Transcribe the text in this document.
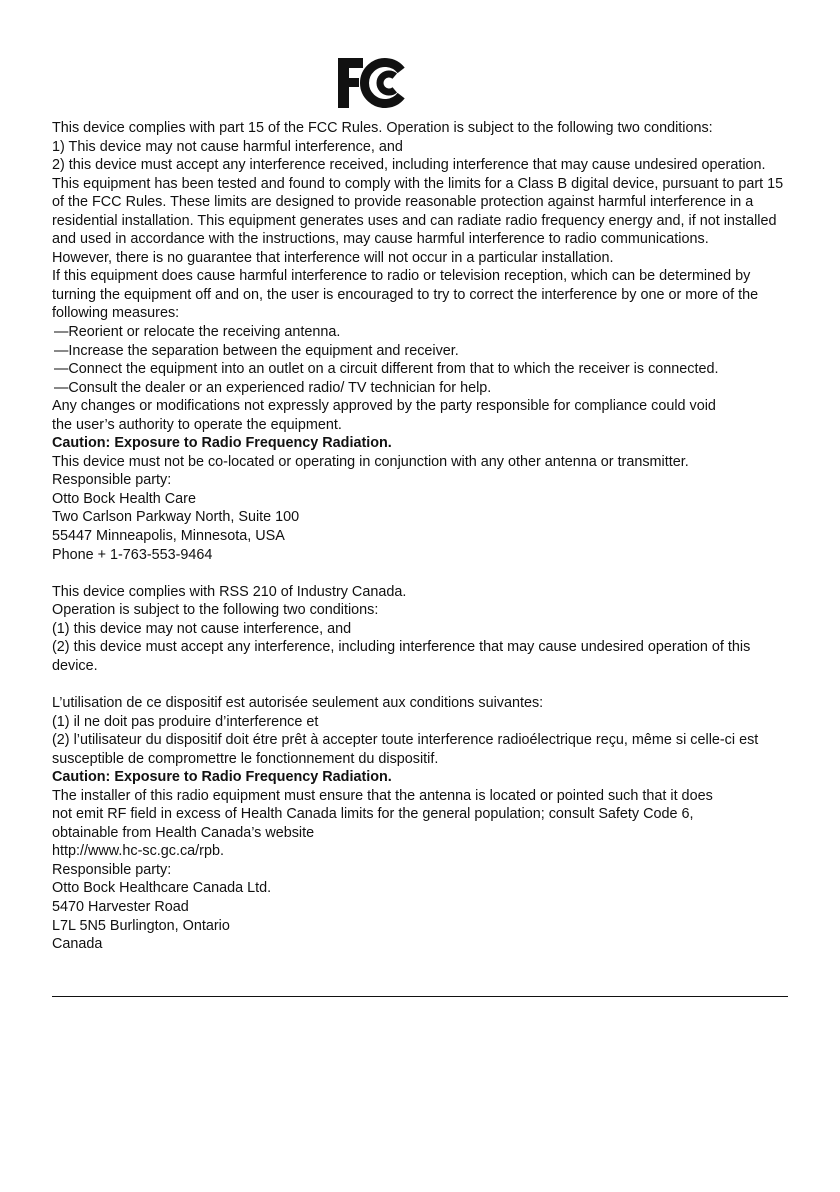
This device complies with part 15 of the FCC Rules. Operation is subject to the following two conditions:
1) This device may not cause harmful interference, and
2) this device must accept any interference received, including interference that may cause undesired operation.
This equipment has been tested and found to comply with the limits for a Class B digital device, pursuant to part 15
of the FCC Rules. These limits are designed to provide reasonable protection against harmful interference in a
residential installation. This equipment generates uses and can radiate radio frequency energy and, if not installed
and used in accordance with the instructions, may cause harmful interference to radio communications.
However, there is no guarantee that interference will not occur in a particular installation.
If this equipment does cause harmful interference to radio or television reception, which can be determined by
turning the equipment off and on, the user is encouraged to try to correct the interference by one or more of the
following measures:
—Reorient or relocate the receiving antenna.
—Increase the separation between the equipment and receiver.
—Connect the equipment into an outlet on a circuit different from that to which the receiver is connected.
—Consult the dealer or an experienced radio/ TV technician for help.
Any changes or modifications not expressly approved by the party responsible for compliance could void
the user’s authority to operate the equipment.
Caution: Exposure to Radio Frequency Radiation.
This device must not be co-located or operating in conjunction with any other antenna or transmitter.
Responsible party:
Otto Bock Health Care
Two Carlson Parkway North, Suite 100
55447 Minneapolis, Minnesota, USA
Phone + 1-763-553-9464
This device complies with RSS 210 of Industry Canada.
Operation is subject to the following two conditions:
(1) this device may not cause interference, and
(2) this device must accept any interference, including interference that may cause undesired operation of this
device.
L’utilisation de ce dispositif est autorisée seulement aux conditions suivantes:
(1) il ne doit pas produire d’interference et
(2) l’utilisateur du dispositif doit étre prêt à accepter toute interference radioélectrique reçu, même si celle-ci est
susceptible de compromettre le fonctionnement du dispositif.
Caution: Exposure to Radio Frequency Radiation.
The installer of this radio equipment must ensure that the antenna is located or pointed such that it does
not emit RF field in excess of Health Canada limits for the general population; consult Safety Code 6,
obtainable from Health Canada’s website
http://www.hc-sc.gc.ca/rpb.
Responsible party:
Otto Bock Healthcare Canada Ltd.
5470 Harvester Road
L7L 5N5 Burlington, Ontario
Canada
